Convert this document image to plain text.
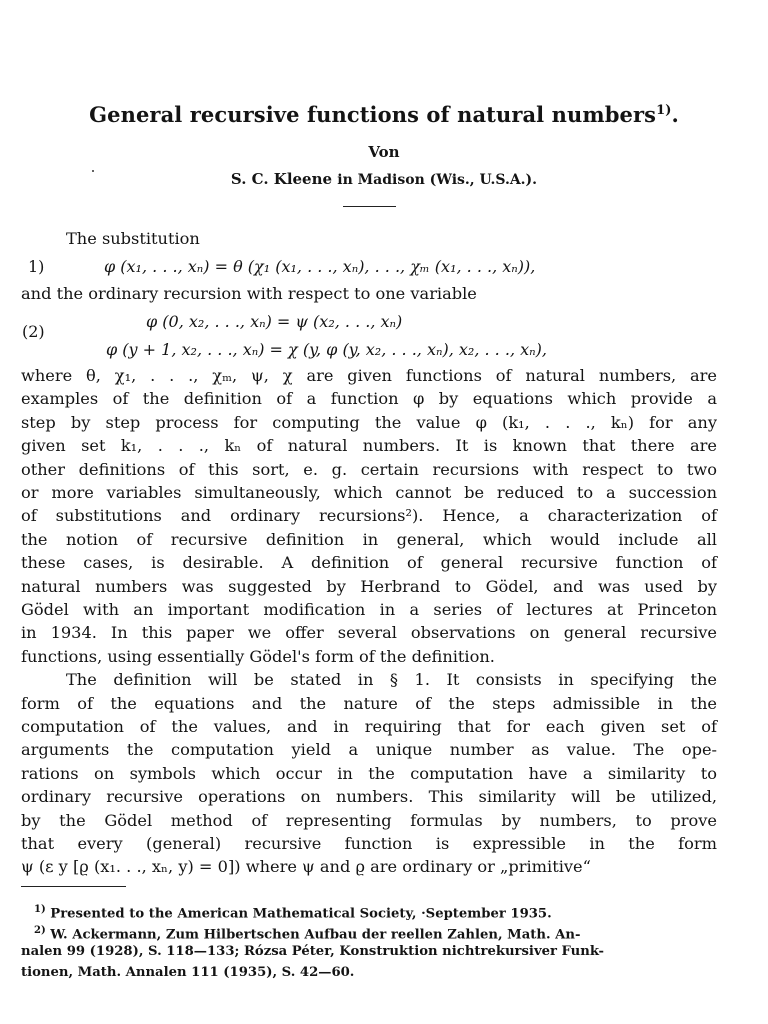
General recursive functions of natural numbers$^{1)}$.
Von
S. C. Kleene in Madison (Wis., U.S.A.).
The substitution
1)	φ (x₁, . . ., xₙ) = θ (χ₁ (x₁, . . ., xₙ), . . ., χₘ (x₁, . . ., xₙ)),
and the ordinary recursion with respect to one variable
(2)
φ (0, x₂, . . ., xₙ) = ψ (x₂, . . ., xₙ)
φ (y + 1, x₂, . . ., xₙ) = χ (y, φ (y, x₂, . . ., xₙ), x₂, . . ., xₙ),
where θ, χ₁, . . ., χₘ, ψ, χ are given functions of natural numbers, are
examples of the definition of a function φ by equations which provide a
step by step process for computing the value φ (k₁, . . ., kₙ) for any
given set k₁, . . ., kₙ of natural numbers. It is known that there are
other definitions of this sort, e. g. certain recursions with respect to two
or more variables simultaneously, which cannot be reduced to a succession
of substitutions and ordinary recursions²). Hence, a characterization of
the notion of recursive definition in general, which would include all
these cases, is desirable. A definition of general recursive function of
natural numbers was suggested by Herbrand to Gödel, and was used by
Gödel with an important modification in a series of lectures at Princeton
in 1934. In this paper we offer several observations on general recursive
functions, using essentially Gödel's form of the definition.
The definition will be stated in § 1. It consists in specifying the
form of the equations and the nature of the steps admissible in the
computation of the values, and in requiring that for each given set of
arguments the computation yield a unique number as value. The ope-
rations on symbols which occur in the computation have a similarity to
ordinary recursive operations on numbers. This similarity will be utilized,
by the Gödel method of representing formulas by numbers, to prove
that every (general) recursive function is expressible in the form
ψ (ε y [ϱ (x₁. . ., xₙ, y) = 0]) where ψ and ϱ are ordinary or „primitive“
$^{1)}$ Presented to the American Mathematical Society, ·September 1935.
$^{2)}$ W. Ackermann, Zum Hilbertschen Aufbau der reellen Zahlen, Math. An-
nalen 99 (1928), S. 118—133; Rózsa Péter, Konstruktion nichtrekursiver Funk-
tionen, Math. Annalen 111 (1935), S. 42—60.
